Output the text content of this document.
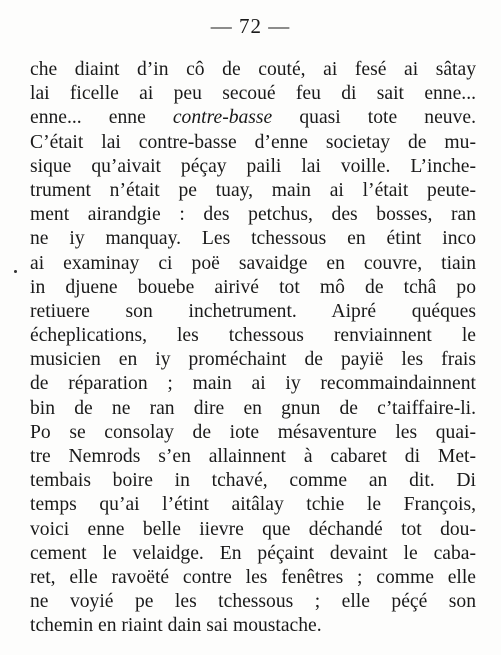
— 72 —
che diaint d’in cô de couté, ai fesé ai sâtay
lai ficelle ai peu secoué feu di sait enne...
enne... enne contre-basse quasi tote neuve.
C’était lai contre-basse d’enne societay de mu-
sique qu’aivait péçay paili lai voille. L’inche-
trument n’était pe tuay, main ai l’était peute-
ment airandgie : des petchus, des bosses, ran
ne iy manquay. Les tchessous en étint inco
ai examinay ci poë savaidge en couvre, tiain
in djuene bouebe airivé tot mô de tchâ po
retiuere son inchetrument. Aipré quéques
écheplications, les tchessous renviainnent le
musicien en iy proméchaint de payië les frais
de réparation ; main ai iy recommaindainnent
bin de ne ran dire en gnun de c’taiffaire-li.
Po se consolay de iote mésaventure les quai-
tre Nemrods s’en allainnent à cabaret di Met-
tembais boire in tchavé, comme an dit. Di
temps qu’ai l’étint aitâlay tchie le François,
voici enne belle iievre que déchandé tot dou-
cement le velaidge. En péçaint devaint le caba-
ret, elle ravoëté contre les fenêtres ; comme elle
ne voyié pe les tchessous ; elle péçé son
tchemin en riaint dain sai moustache.
